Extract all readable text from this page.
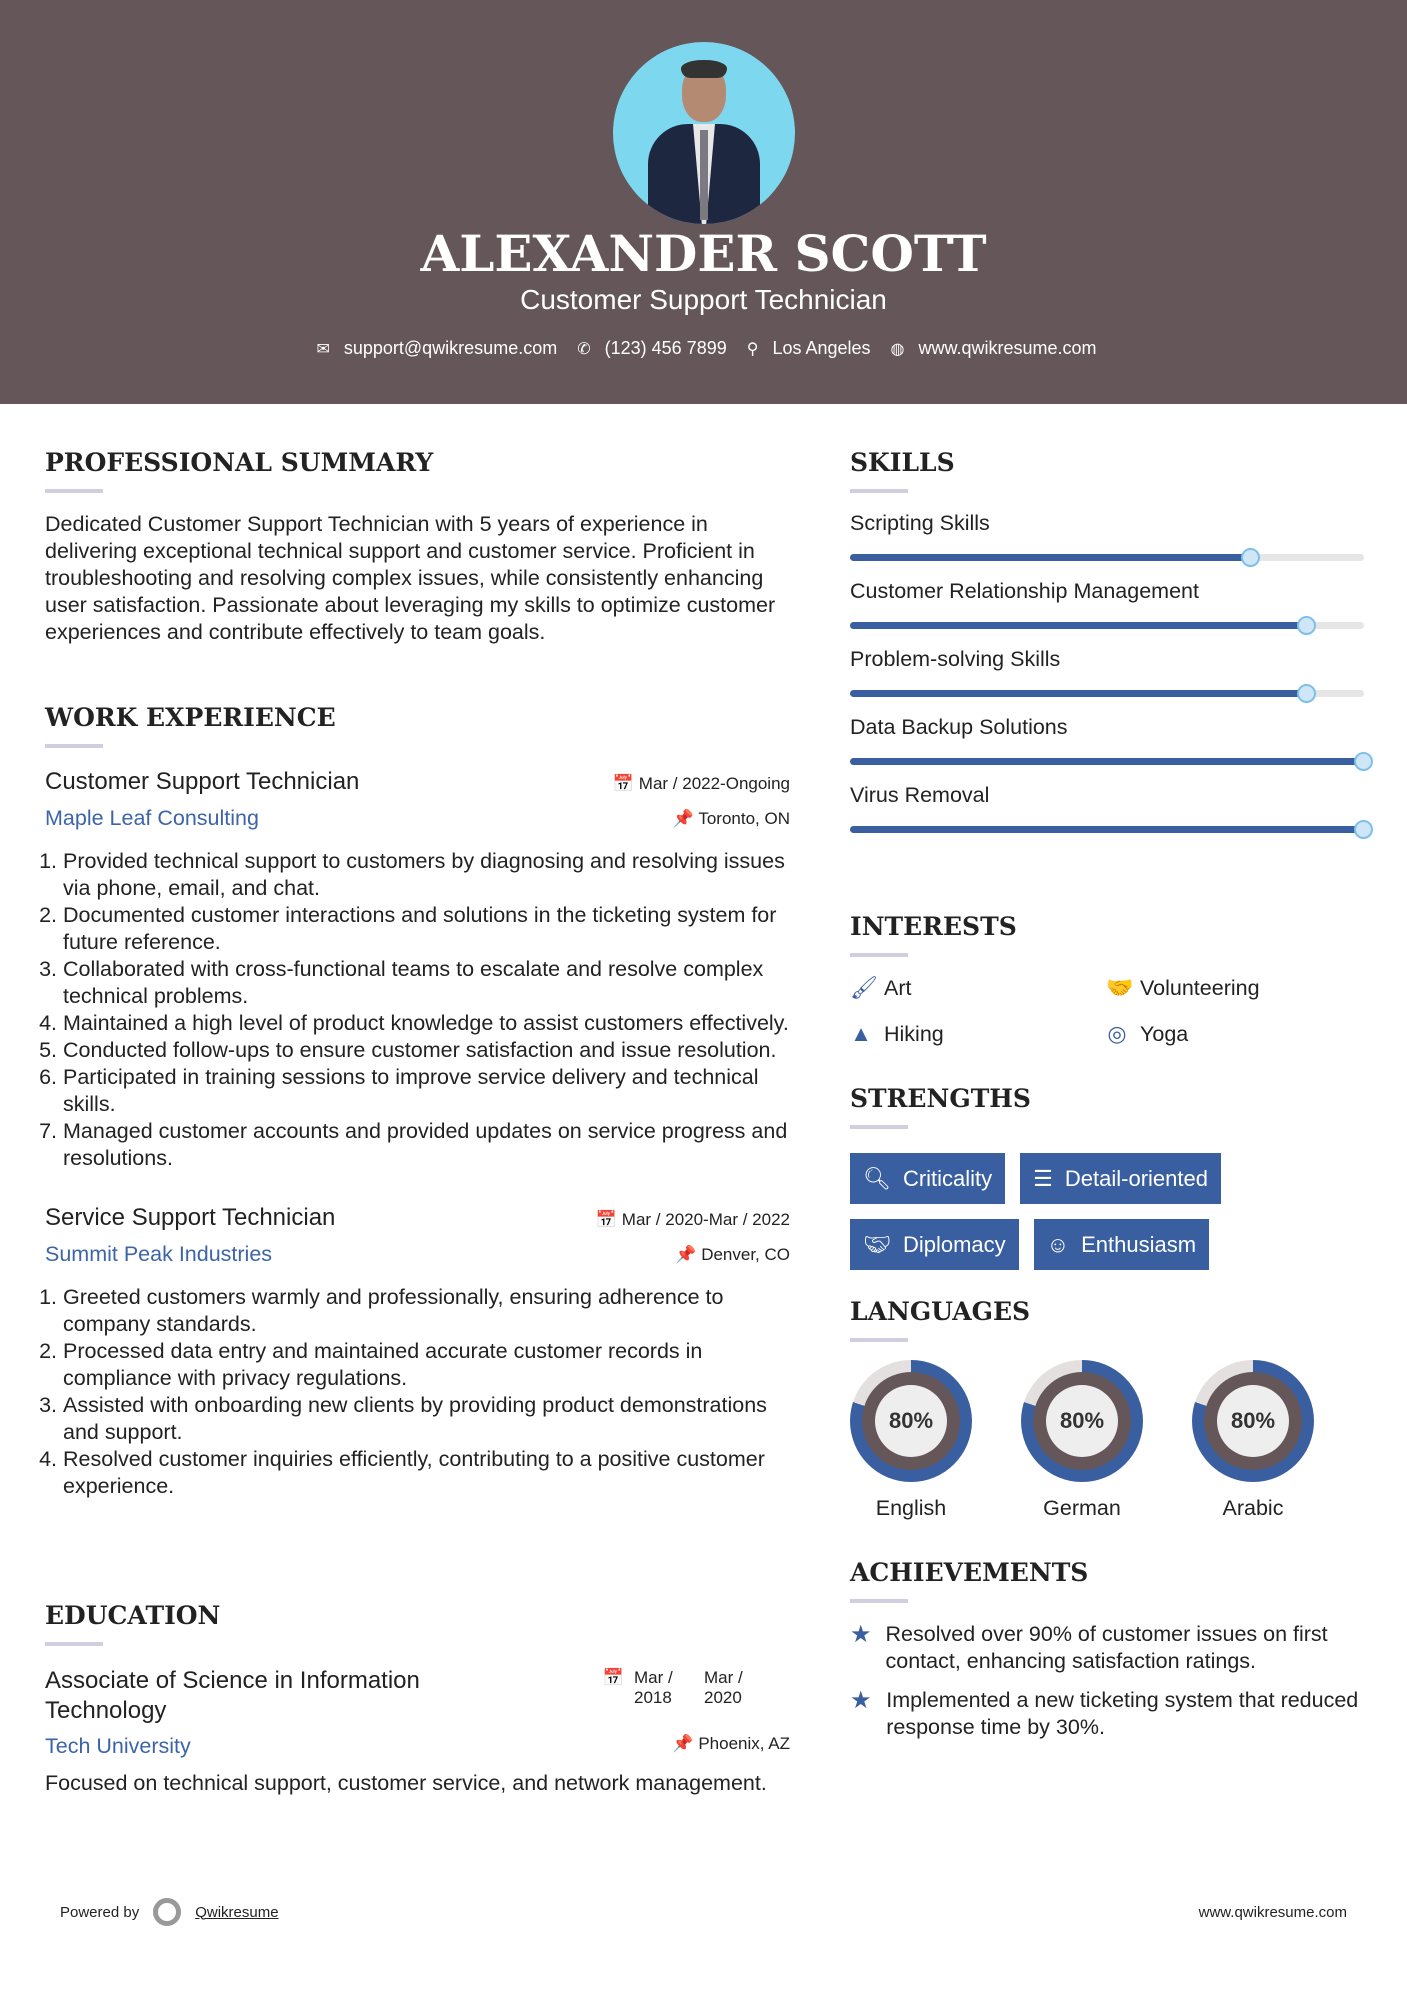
ALEXANDER SCOTT
Customer Support Technician
✉ support@qwikresume.com ✆ (123) 456 7899 ⚲ Los Angeles ◍ www.qwikresume.com
PROFESSIONAL SUMMARY

Dedicated Customer Support Technician with 5 years of experience in delivering exceptional technical support and customer service. Proficient in troubleshooting and resolving complex issues, while consistently enhancing user satisfaction. Passionate about leveraging my skills to optimize customer experiences and contribute effectively to team goals.

WORK EXPERIENCE
Customer Support Technician	📅 Mar / 2022-Ongoing
Maple Leaf Consulting	📌 Toronto, ON
1. Provided technical support to customers by diagnosing and resolving issues via phone, email, and chat.
2. Documented customer interactions and solutions in the ticketing system for future reference.
3. Collaborated with cross-functional teams to escalate and resolve complex technical problems.
4. Maintained a high level of product knowledge to assist customers effectively.
5. Conducted follow-ups to ensure customer satisfaction and issue resolution.
6. Participated in training sessions to improve service delivery and technical skills.
7. Managed customer accounts and provided updates on service progress and resolutions.
Service Support Technician	📅 Mar / 2020-Mar / 2022
Summit Peak Industries	📌 Denver, CO
1. Greeted customers warmly and professionally, ensuring adherence to company standards.
2. Processed data entry and maintained accurate customer records in compliance with privacy regulations.
3. Assisted with onboarding new clients by providing product demonstrations and support.
4. Resolved customer inquiries efficiently, contributing to a positive customer experience.
EDUCATION
Associate of Science in Information Technology
📅 Mar / 2018
Mar / 2020
Tech University	📌 Phoenix, AZ

Focused on technical support, customer service, and network management.

SKILLS
Scripting Skills
Customer Relationship Management
Problem-solving Skills
Data Backup Solutions
Virus Removal
INTERESTS
🖌 Art	🤝 Volunteering
▲ Hiking	◎ Yoga
STRENGTHS
🔍︎ Criticality ☰ Detail-oriented
🤝︎ Diplomacy ☺ Enthusiasm
LANGUAGES
80%
English
80%
German
80%
Arabic
ACHIEVEMENTS
★ Resolved over 90% of customer issues on first contact, enhancing satisfaction ratings.
★ Implemented a new ticketing system that reduced response time by 30%.
Powered by	Qwikresume	www.qwikresume.com
